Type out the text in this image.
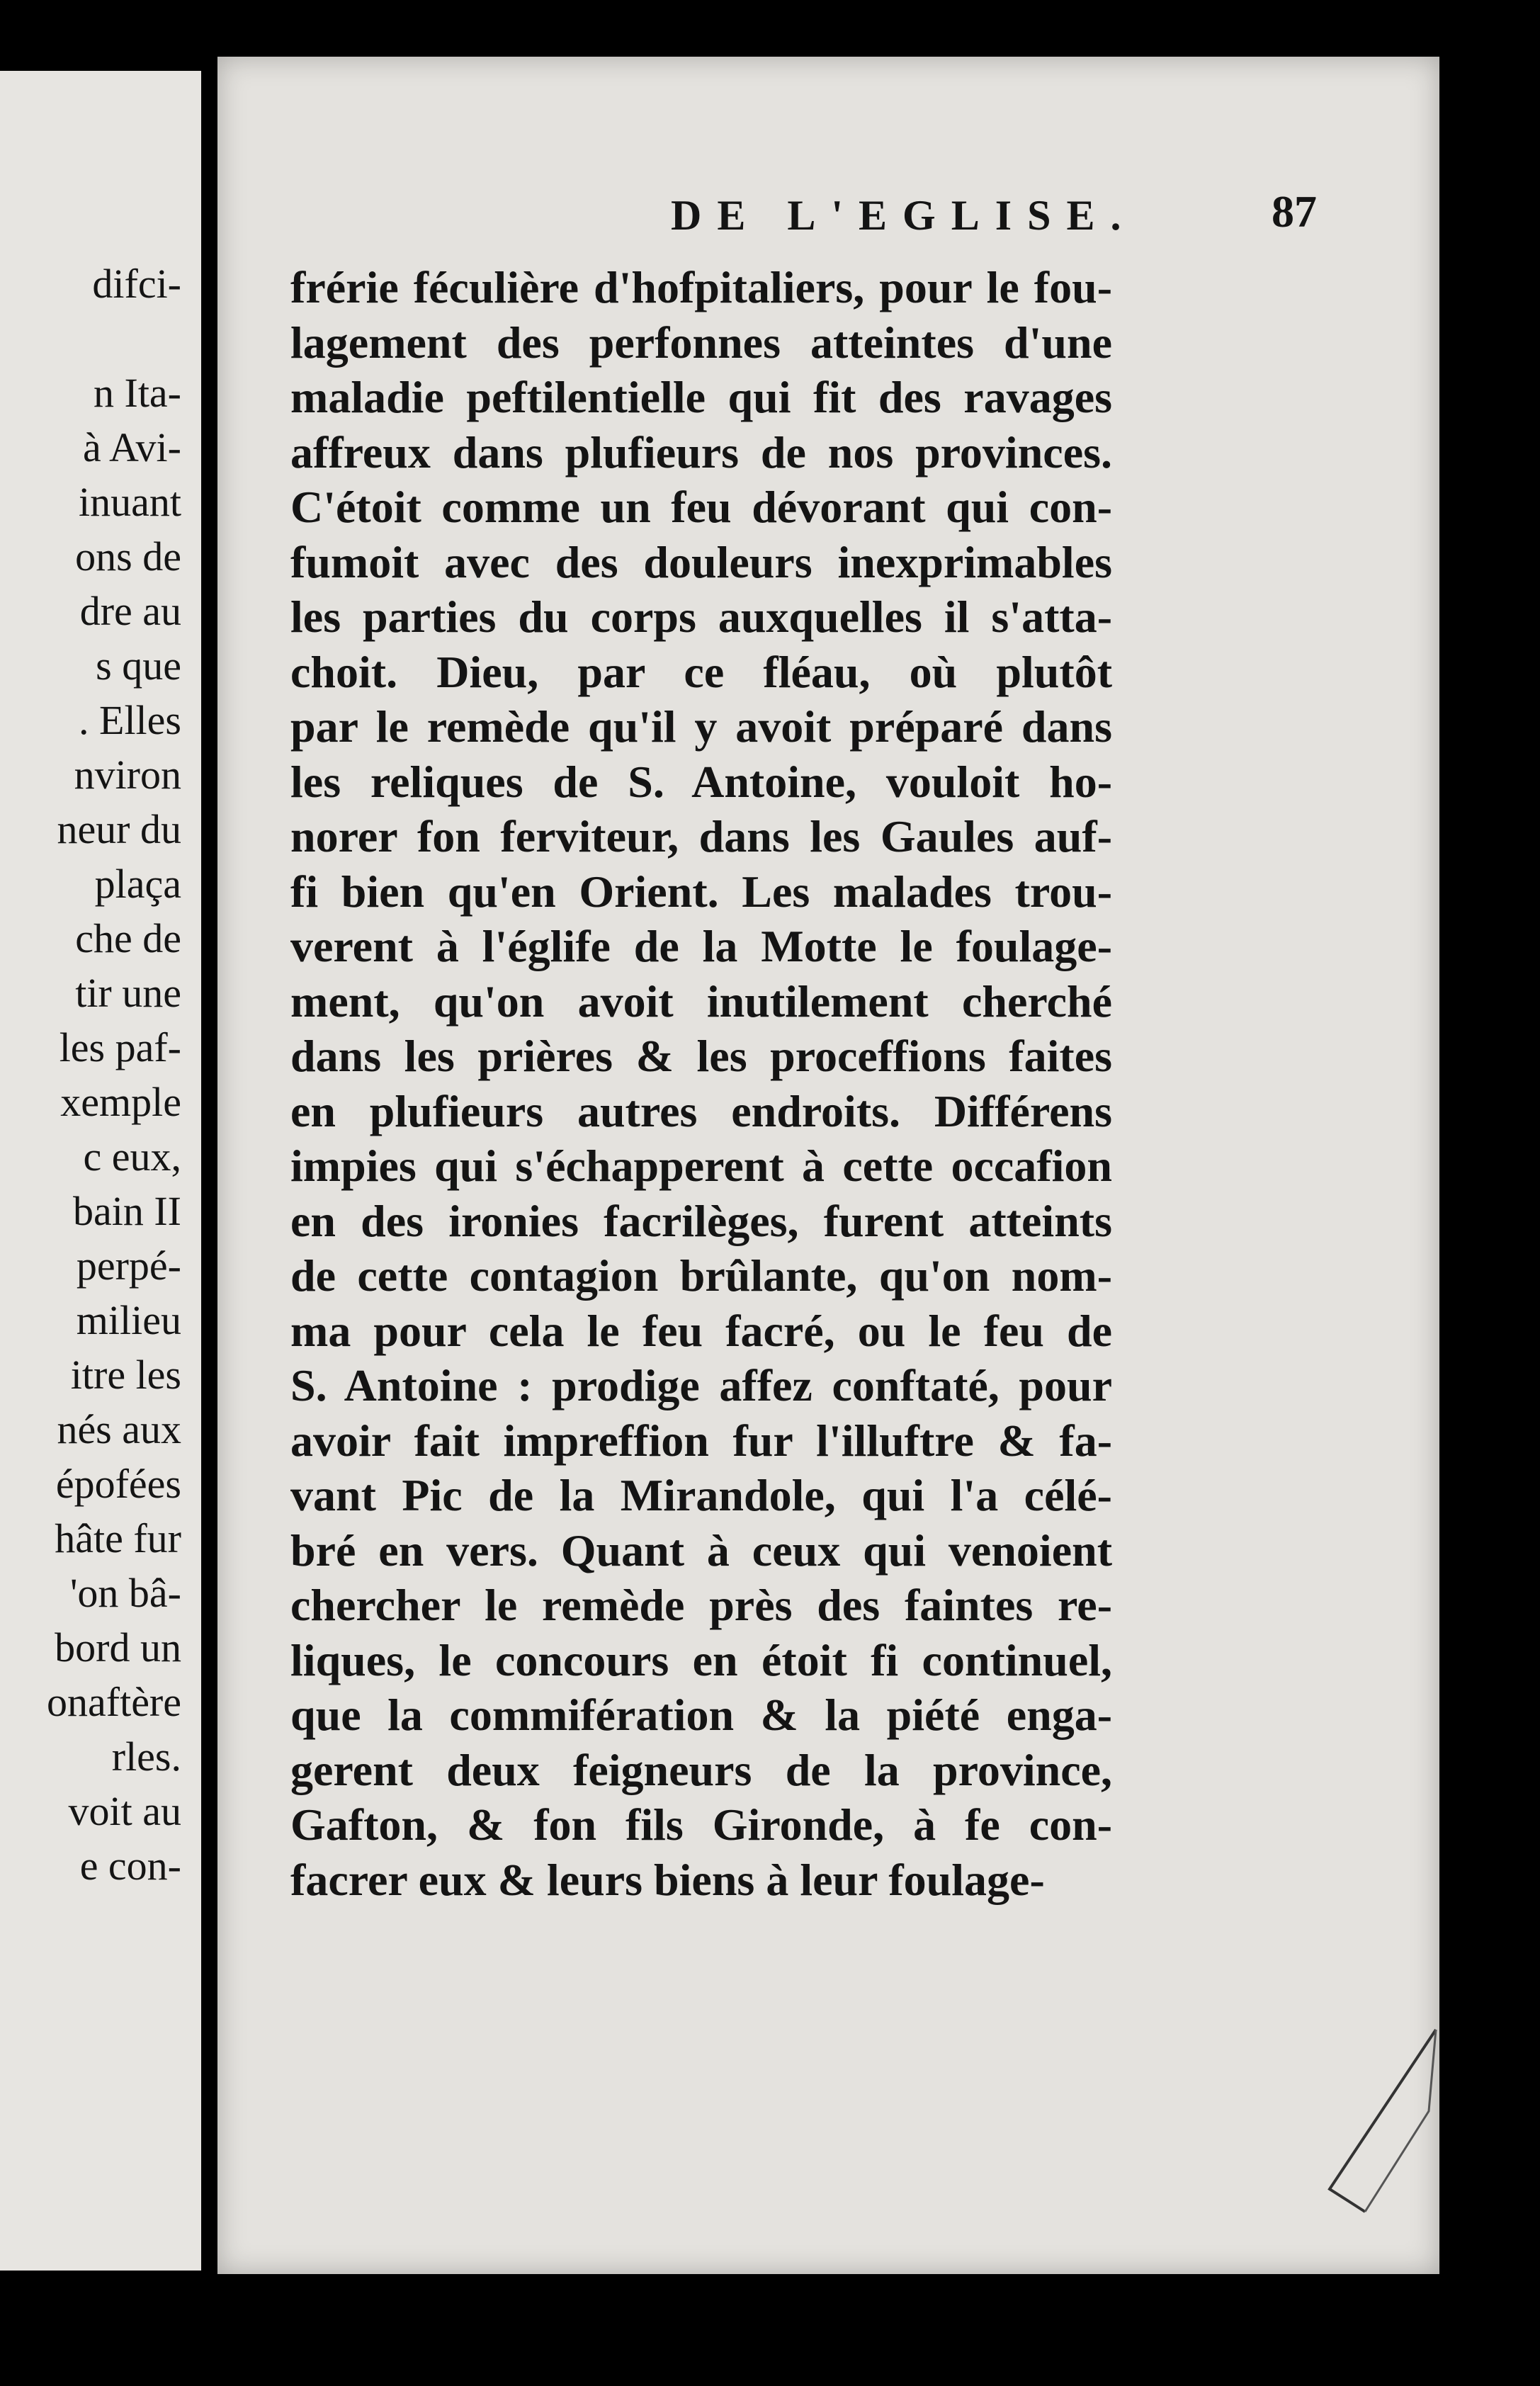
difci-
n Ita-
à Avi-
inuant
ons de
dre au
s que
. Elles
nviron
neur du
plaça
che de
tir une
les paf-
xemple
c eux,
bain II
perpé-
milieu
itre les
nés aux
épofées
hâte fur
'on bâ-
bord un
onaftère
rles.
voit au
e con-
DE L'EGLISE.	87
frérie féculière d'hofpitaliers, pour le fou-
lagement des perfonnes atteintes d'une
maladie peftilentielle qui fit des ravages
affreux dans plufieurs de nos provinces.
C'étoit comme un feu dévorant qui con-
fumoit avec des douleurs inexprimables
les parties du corps auxquelles il s'atta-
choit. Dieu, par ce fléau, où plutôt
par le remède qu'il y avoit préparé dans
les reliques de S. Antoine, vouloit ho-
norer fon ferviteur, dans les Gaules auf-
fi bien qu'en Orient. Les malades trou-
verent à l'églife de la Motte le foulage-
ment, qu'on avoit inutilement cherché
dans les prières & les proceffions faites
en plufieurs autres endroits. Différens
impies qui s'échapperent à cette occafion
en des ironies facrilèges, furent atteints
de cette contagion brûlante, qu'on nom-
ma pour cela le feu facré, ou le feu de
S. Antoine : prodige affez conftaté, pour
avoir fait impreffion fur l'illuftre & fa-
vant Pic de la Mirandole, qui l'a célé-
bré en vers. Quant à ceux qui venoient
chercher le remède près des faintes re-
liques, le concours en étoit fi continuel,
que la commifération & la piété enga-
gerent deux feigneurs de la province,
Gafton, & fon fils Gironde, à fe con-
facrer eux & leurs biens à leur foulage-
